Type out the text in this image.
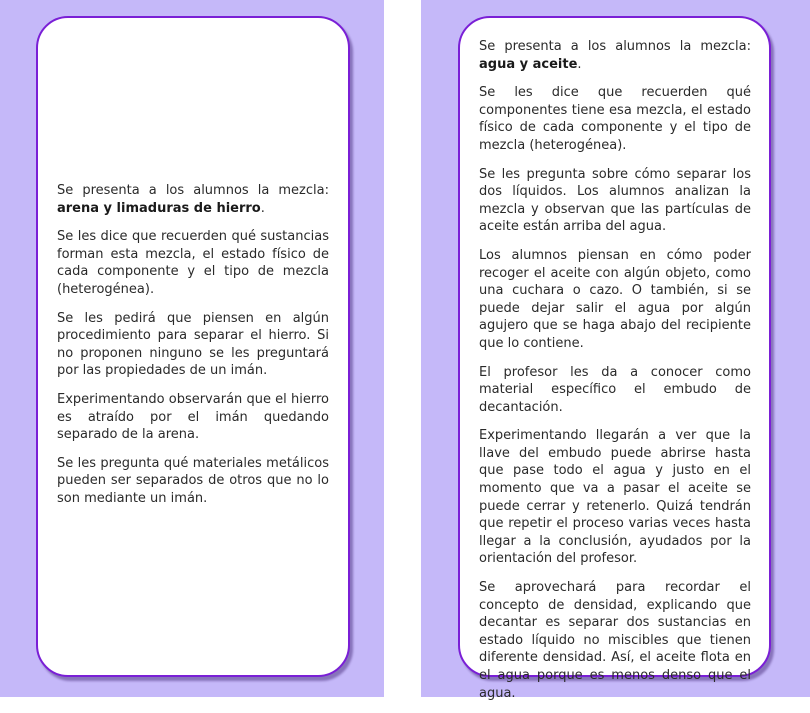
Se presenta a los alumnos la mezcla: arena y limaduras de hierro.

Se les dice que recuerden qué sustancias forman esta mezcla, el estado físico de cada componente y el tipo de mezcla (heterogénea).

Se les pedirá que piensen en algún procedimiento para separar el hierro. Si no proponen ninguno se les preguntará por las propiedades de un imán.

Experimentando observarán que el hierro es atraído por el imán quedando separado de la arena.

Se les pregunta qué materiales metálicos pueden ser separados de otros que no lo son mediante un imán.

Se presenta a los alumnos la mezcla: agua y aceite.

Se les dice que recuerden qué componentes tiene esa mezcla, el estado físico de cada componente y el tipo de mezcla (heterogénea).

Se les pregunta sobre cómo separar los dos líquidos. Los alumnos analizan la mezcla y observan que las partículas de aceite están arriba del agua.

Los alumnos piensan en cómo poder recoger el aceite con algún objeto, como una cuchara o cazo. O también, si se puede dejar salir el agua por algún agujero que se haga abajo del recipiente que lo contiene.

El profesor les da a conocer como material específico el embudo de decantación.

Experimentando llegarán a ver que la llave del embudo puede abrirse hasta que pase todo el agua y justo en el momento que va a pasar el aceite se puede cerrar y retenerlo. Quizá tendrán que repetir el proceso varias veces hasta llegar a la conclusión, ayudados por la orientación del profesor.

Se aprovechará para recordar el concepto de densidad, explicando que decantar es separar dos sustancias en estado líquido no miscibles que tienen diferente densidad. Así, el aceite flota en el agua porque es menos denso que el agua.
